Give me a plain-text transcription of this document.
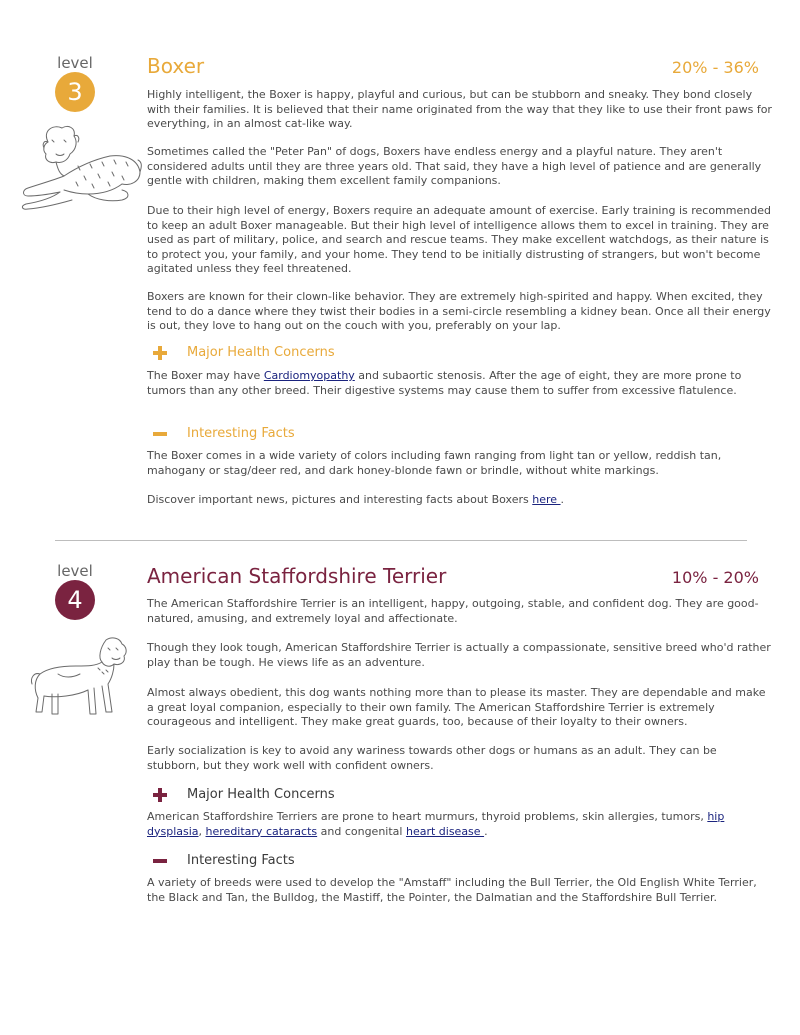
level
3
Boxer	20% - 36%

Highly intelligent, the Boxer is happy, playful and curious, but can be stubborn and sneaky. They bond closely with their families. It is believed that their name originated from the way that they like to use their front paws for everything, in an almost cat-like way.

Sometimes called the "Peter Pan" of dogs, Boxers have endless energy and a playful nature. They aren't considered adults until they are three years old. That said, they have a high level of patience and are generally gentle with children, making them excellent family companions.

Due to their high level of energy, Boxers require an adequate amount of exercise. Early training is recommended to keep an adult Boxer manageable. But their high level of intelligence allows them to excel in training. They are used as part of military, police, and search and rescue teams. They make excellent watchdogs, as their nature is to protect you, your family, and your home. They tend to be initially distrusting of strangers, but won't become agitated unless they feel threatened.

Boxers are known for their clown-like behavior. They are extremely high-spirited and happy. When excited, they tend to do a dance where they twist their bodies in a semi-circle resembling a kidney bean. Once all their energy is out, they love to hang out on the couch with you, preferably on your lap.

Major Health Concerns

The Boxer may have Cardiomyopathy and subaortic stenosis. After the age of eight, they are more prone to tumors than any other breed. Their digestive systems may cause them to suffer from excessive flatulence.

Interesting Facts

The Boxer comes in a wide variety of colors including fawn ranging from light tan or yellow, reddish tan, mahogany or stag/deer red, and dark honey-blonde fawn or brindle, without white markings.

Discover important news, pictures and interesting facts about Boxers here .

level
4
American Staffordshire Terrier	10% - 20%

The American Staffordshire Terrier is an intelligent, happy, outgoing, stable, and confident dog. They are good-natured, amusing, and extremely loyal and affectionate.

Though they look tough, American Staffordshire Terrier is actually a compassionate, sensitive breed who'd rather play than be tough. He views life as an adventure.

Almost always obedient, this dog wants nothing more than to please its master. They are dependable and make a great loyal companion, especially to their own family. The American Staffordshire Terrier is extremely courageous and intelligent. They make great guards, too, because of their loyalty to their owners.

Early socialization is key to avoid any wariness towards other dogs or humans as an adult. They can be stubborn, but they work well with confident owners.

Major Health Concerns

American Staffordshire Terriers are prone to heart murmurs, thyroid problems, skin allergies, tumors, hip dysplasia, hereditary cataracts and congenital heart disease .

Interesting Facts

A variety of breeds were used to develop the "Amstaff" including the Bull Terrier, the Old English White Terrier, the Black and Tan, the Bulldog, the Mastiff, the Pointer, the Dalmatian and the Staffordshire Bull Terrier.
